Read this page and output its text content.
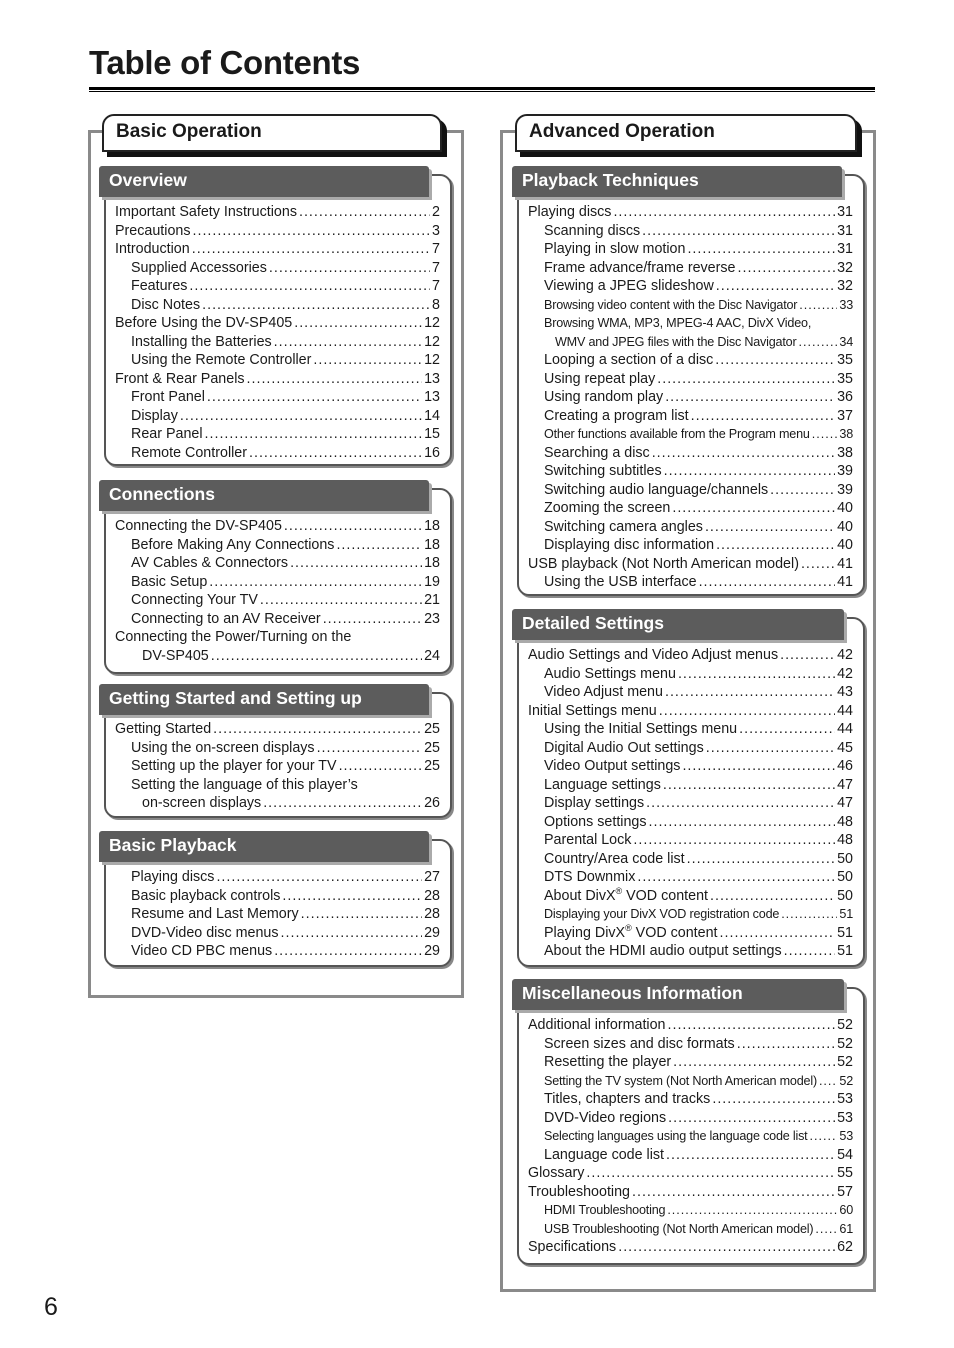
Table of Contents
Basic Operation
Overview
Important Safety Instructions .....	2
Precautions .....	3
Introduction .....	7
Supplied Accessories .....	7
Features .....	7
Disc Notes .....	8
Before Using the DV-SP405 .....	12
Installing the Batteries .....	12
Using the Remote Controller .....	12
Front & Rear Panels .....	13
Front Panel .....	13
Display .....	14
Rear Panel .....	15
Remote Controller .....	16
Connections
Connecting the DV-SP405 .....	18
Before Making Any Connections .....	18
AV Cables & Connectors .....	18
Basic Setup .....	19
Connecting Your TV .....	21
Connecting to an AV Receiver .....	23
Connecting the Power/Turning on the
DV-SP405 .....	24
Getting Started and Setting up
Getting Started .....	25
Using the on-screen displays .....	25
Setting up the player for your TV .....	25
Setting the language of this player’s
on-screen displays .....	26
Basic Playback
Playing discs .....	27
Basic playback controls .....	28
Resume and Last Memory .....	28
DVD-Video disc menus .....	29
Video CD PBC menus .....	29
Advanced Operation
Playback Techniques
Playing discs .....	31
Scanning discs .....	31
Playing in slow motion .....	31
Frame advance/frame reverse .....	32
Viewing a JPEG slideshow .....	32
Browsing video content with the Disc Navigator .....	33
Browsing WMA, MP3, MPEG-4 AAC, DivX Video,
WMV and JPEG files with the Disc Navigator .....	34
Looping a section of a disc .....	35
Using repeat play .....	35
Using random play .....	36
Creating a program list .....	37
Other functions available from the Program menu ..... 38
Searching a disc .....	38
Switching subtitles .....	39
Switching audio language/channels .....	39
Zooming the screen .....	40
Switching camera angles .....	40
Displaying disc information .....	40
USB playback (Not North American model) .....	41
Using the USB interface .....	41
Detailed Settings
Audio Settings and Video Adjust menus .....	42
Audio Settings menu .....	42
Video Adjust menu .....	43
Initial Settings menu .....	44
Using the Initial Settings menu .....	44
Digital Audio Out settings .....	45
Video Output settings .....	46
Language settings .....	47
Display settings .....	47
Options settings .....	48
Parental Lock .....	48
Country/Area code list .....	50
DTS Downmix .....	50
About DivX® VOD content .....	50
Displaying your DivX VOD registration code .....	51
Playing DivX® VOD content .....	51
About the HDMI audio output settings .....	51
Miscellaneous Information
Additional information .....	52
Screen sizes and disc formats .....	52
Resetting the player .....	52
Setting the TV system (Not North American model) ..... 52
Titles, chapters and tracks .....	53
DVD-Video regions .....	53
Selecting languages using the language code list .....	53
Language code list .....	54
Glossary .....	55
Troubleshooting .....	57
HDMI Troubleshooting .....	60
USB Troubleshooting (Not North American model) ..... 61
Specifications .....	62
6
